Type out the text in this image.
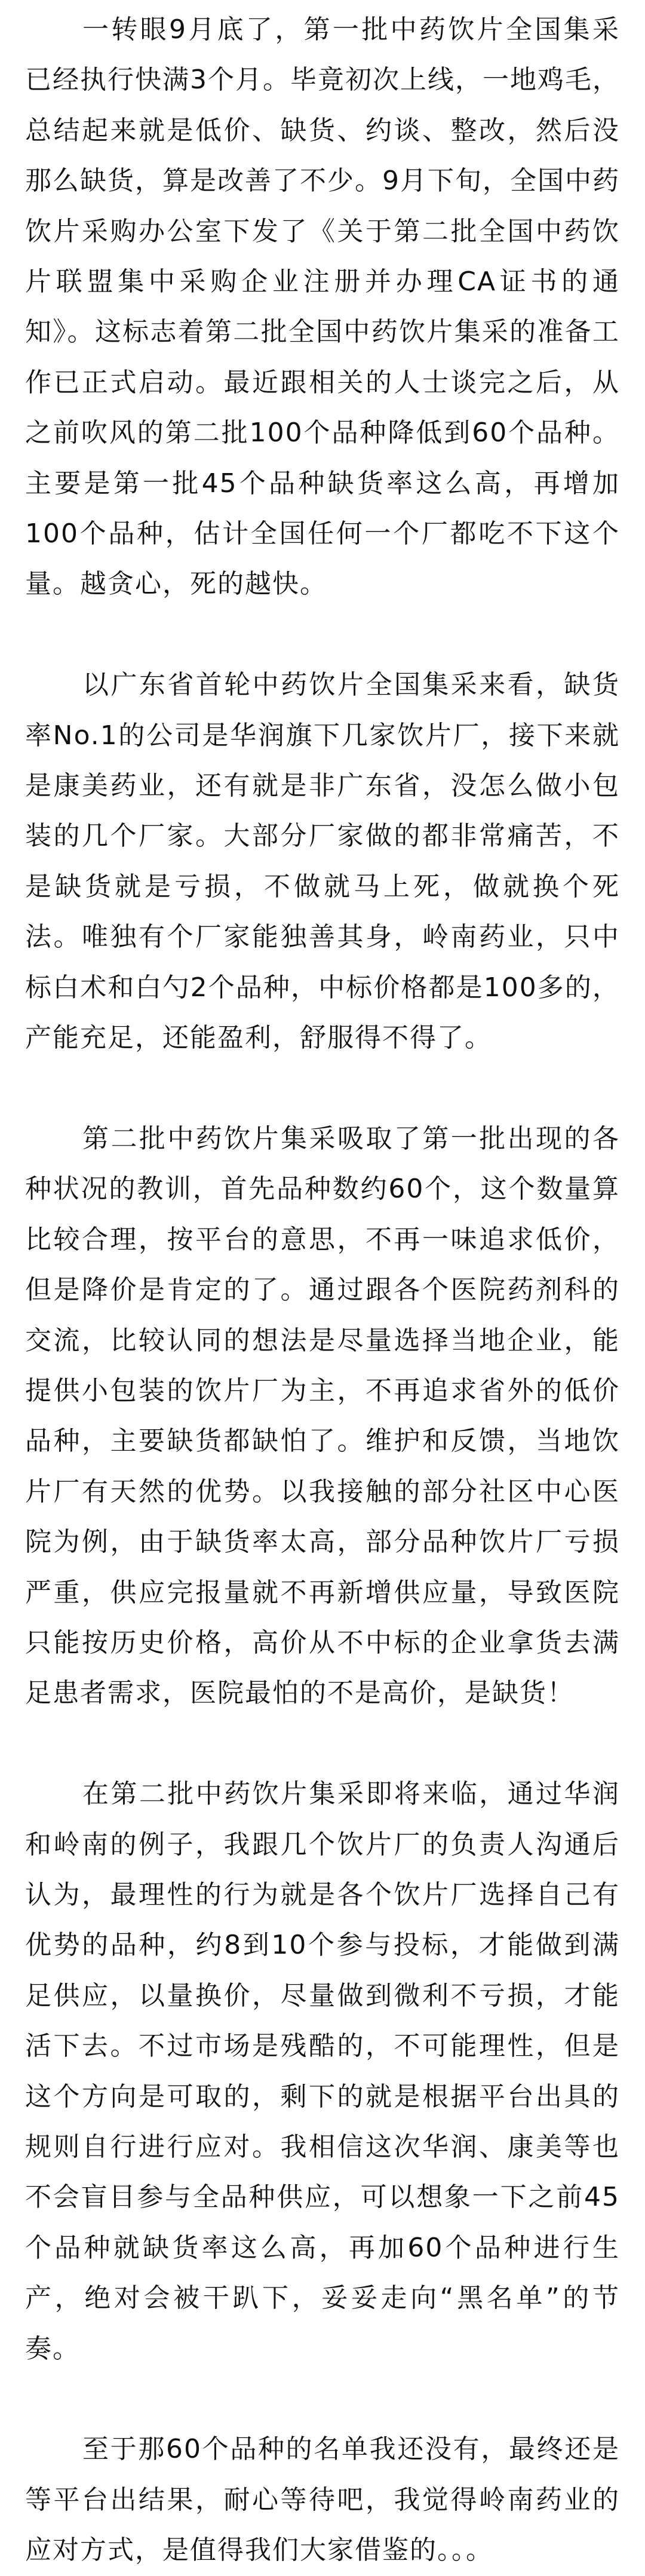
一转眼9月底了，第一批中药饮片全国集采已经执行快满3个月。毕竟初次上线，一地鸡毛，总结起来就是低价、缺货、约谈、整改，然后没那么缺货，算是改善了不少。9月下旬，全国中药饮片采购办公室下发了《关于第二批全国中药饮片联盟集中采购企业注册并办理CA证书的通知》。这标志着第二批全国中药饮片集采的准备工作已正式启动。最近跟相关的人士谈完之后，从之前吹风的第二批100个品种降低到60个品种。主要是第一批45个品种缺货率这么高，再增加100个品种，估计全国任何一个厂都吃不下这个量。越贪心，死的越快。

以广东省首轮中药饮片全国集采来看，缺货率No.1的公司是华润旗下几家饮片厂，接下来就是康美药业，还有就是非广东省，没怎么做小包装的几个厂家。大部分厂家做的都非常痛苦，不是缺货就是亏损，不做就马上死，做就换个死法。唯独有个厂家能独善其身，岭南药业，只中标白术和白勺2个品种，中标价格都是100多的，产能充足，还能盈利，舒服得不得了。

第二批中药饮片集采吸取了第一批出现的各种状况的教训，首先品种数约60个，这个数量算比较合理，按平台的意思，不再一味追求低价，但是降价是肯定的了。通过跟各个医院药剂科的交流，比较认同的想法是尽量选择当地企业，能提供小包装的饮片厂为主，不再追求省外的低价品种，主要缺货都缺怕了。维护和反馈，当地饮片厂有天然的优势。以我接触的部分社区中心医院为例，由于缺货率太高，部分品种饮片厂亏损严重，供应完报量就不再新增供应量，导致医院只能按历史价格，高价从不中标的企业拿货去满足患者需求，医院最怕的不是高价，是缺货！

在第二批中药饮片集采即将来临，通过华润和岭南的例子，我跟几个饮片厂的负责人沟通后认为，最理性的行为就是各个饮片厂选择自己有优势的品种，约8到10个参与投标，才能做到满足供应，以量换价，尽量做到微利不亏损，才能活下去。不过市场是残酷的，不可能理性，但是这个方向是可取的，剩下的就是根据平台出具的规则自行进行应对。我相信这次华润、康美等也不会盲目参与全品种供应，可以想象一下之前45个品种就缺货率这么高，再加60个品种进行生产，绝对会被干趴下，妥妥走向“黑名单”的节奏。

至于那60个品种的名单我还没有，最终还是等平台出结果，耐心等待吧，我觉得岭南药业的应对方式，是值得我们大家借鉴的。。。
